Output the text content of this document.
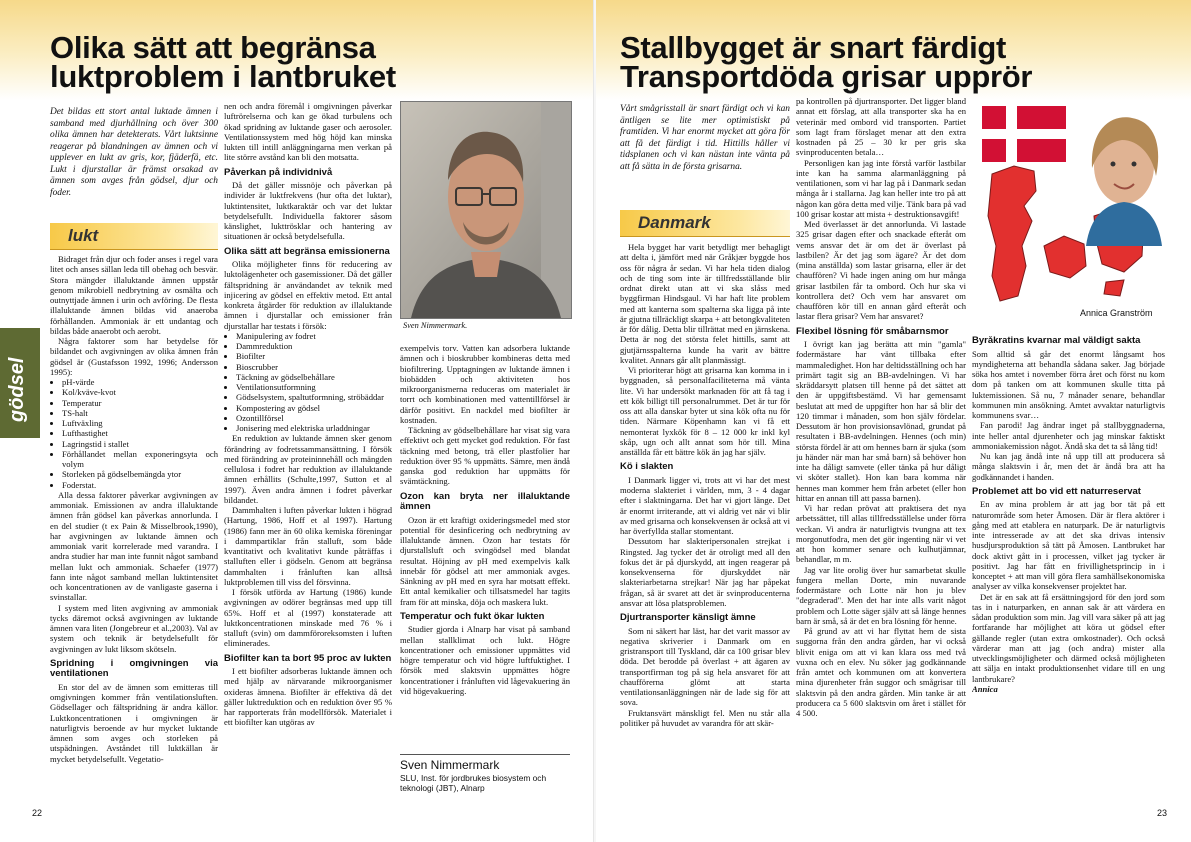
Olika sätt att begränsa
luktproblem i lantbruket
Det bildas ett stort antal luktade ämnen i samband med djurhållning och över 300 olika ämnen har detekterats. Vårt luktsinne reagerar på blandningen av ämnen och vi upplever en lukt av gris, kor, fjäderfä, etc. Lukt i djurstallar är främst orsakad av ämnen som avges från gödsel, djur och foder.
lukt
gödsel

Bidraget från djur och foder anses i regel vara litet och anses sällan leda till obehag och besvär. Stora mängder illaluktande ämnen uppstår genom mikrobiell nedbrytning av osmälta och outnyttjade ämnen i urin och avföring. De flesta illaluktande ämnen bildas vid anaeroba förhållanden. Ammoniak är ett undantag och bildas både anaerobt och aerobt.

Några faktorer som har betydelse för bildandet och avgivningen av olika ämnen från gödsel är (Gustafsson 1992, 1996; Andersson 1995):

• pH-värde
• Kol/kväve-kvot
• Temperatur
• TS-halt
• Luftväxling
• Lufthastighet
• Lagringstid i stallet
• Förhållandet mellan exponeringsyta och volym
• Storleken på gödselbemängda ytor
• Foderstat.

Alla dessa faktorer påverkar avgivningen av ammoniak. Emissionen av andra illaluktande ämnen från gödsel kan påverkas annorlunda. I en del studier (t ex Pain & Misselbrook,1990), har avgivningen av luktande ämnen och ammoniak varit korrelerade med varandra. I andra studier har man inte funnit något samband mellan lukt och ammoniak. Schaefer (1977) fann inte något samband mellan luktintensitet och koncentrationen av de vanligaste gaserna i svinstallar.

I system med liten avgivning av ammoniak tycks däremot också avgivningen av luktande ämnen vara liten (Jongebreur et al.,2003). Val av system och teknik är betydelsefullt för avgivningen av lukt liksom skötseln.

Spridning i omgivningen via ventilationen

En stor del av de ämnen som emitteras till omgivningen kommer från ventilationsluften. Gödsellager och fältspridning är andra källor. Luktkoncentrationen i omgivningen är naturligtvis beroende av hur mycket luktande ämnen som avges och storleken på utspädningen. Avståndet till luktkällan är mycket betydelsefullt. Vegetatio-

nen och andra föremål i omgivningen påverkar luftrörelserna och kan ge ökad turbulens och ökad spridning av luktande gaser och aerosoler. Ventilationssystem med hög höjd kan minska lukten till intill anläggningarna men verkan på lite större avstånd kan bli den motsatta.

Påverkan på individnivå

Då det gäller missnöje och påverkan på individer är luktfrekvens (hur ofta det luktar), luktintensitet, luktkaraktär och var det luktar betydelsefullt. Individuella faktorer såsom känslighet, lukttrösklar och hantering av situationen är också betydelsefulla.

Olika sätt att begränsa emissionerna

Olika möjligheter finns för reducering av luktolägenheter och gasemissioner. Då det gäller fältspridning är användandet av teknik med injicering av gödsel en effektiv metod. Ett antal konkreta åtgärder för reduktion av illaluktande ämnen i djurstallar och emissioner från djurstallar har testats i försök:

• Manipulering av fodret
• Dammreduktion
• Biofilter
• Bioscrubber
• Täckning av gödselbehållare
• Ventilationsutformning
• Gödselsystem, spaltutformning, ströbäddar
• Kompostering av gödsel
• Ozontillförsel
• Jonisering med elektriska urladdningar

En reduktion av luktande ämnen sker genom förändring av fodretssammansättning. I försök med förändring av proteininnehåll och mängden cellulosa i fodret har reduktion av illaluktande ämnen erhållits (Schulte,1997, Sutton et al 1997). Även andra ämnen i fodret påverkar bildandet.

Dammhalten i luften påverkar lukten i högrad (Hartung, 1986, Hoff et al 1997). Hartung (1986) fann mer än 60 olika kemiska föreningar i dammpartiklar från stalluft, som både kvantitativt och kvalitativt kunde påträffas i stalluften eller i gödseln. Genom att begränsa dammhalten i frånluften kan alltså luktproblemen till viss del försvinna.

I försök utförda av Hartung (1986) kunde avgivningen av odörer begränsas med upp till 65%. Hoff et al (1997) konstaterade att luktkoncentrationen minskade med 76 % i stalluft (svin) om dammföroreksomsten i luften eliminerades.

Biofilter kan ta bort 95 proc av lukten

I ett biofilter adsorberas luktande ämnen och med hjälp av närvarande mikroorganismer oxideras ämnena. Biofilter är effektiva då det gäller luktreduktion och en reduktion över 95 % har rapporterats från modellförsök. Materialet i ett biofilter kan utgöras av

Sven Nimmermark.

exempelvis torv. Vatten kan adsorbera luktande ämnen och i bioskrubber kombineras detta med biofiltrering. Upptagningen av luktande ämnen i biobädden och aktiviteten hos mikroorganismerna reduceras om materialet är torrt och kombinationen med vattentillförsel är därför positivt. En nackdel med biofilter är kostnaden.

Täckning av gödselbehållare har visat sig vara effektivt och gett mycket god reduktion. För fast täckning med betong, trä eller plastfolier har reduktion över 95 % uppmätts. Sämre, men ändå ganska god reduktion har uppmätts för svämtäckning.

Ozon kan bryta ner illaluktande ämnen

Ozon är ett kraftigt oxideringsmedel med stor potential för desinficering och nedbrytning av illaluktande ämnen. Ozon har testats för djurstallsluft och svingödsel med blandat resultat. Höjning av pH med exempelvis kalk innebär för gödsel att mer ammoniak avges. Sänkning av pH med en syra har motsatt effekt. Ett antal kemikalier och tillsatsmedel har tagits fram för att minska, döja och maskera lukt.

Temperatur och fukt ökar lukten

Studier gjorda i Alnarp har visat på samband mellan stallklimat och lukt. Högre koncentrationer och emissioner uppmättes vid högre temperatur och vid högre luftfuktighet. I försök med slaktsvin uppmättes högre koncentrationer i frånluften vid lågevakuering än vid högevakuering.

Sven Nimmermark
SLU, Inst. för jordbrukes biosystem och teknologi (JBT), Alnarp
22
Stallbygget är snart färdigt
Transportdöda grisar upprör
Vårt smågrisstall är snart färdigt och vi kan äntligen se lite mer optimistiskt på framtiden. Vi har enormt mycket att göra för att få det färdigt i tid. Hittills håller vi tidsplanen och vi kan nästan inte vänta på att få sätta in de första grisarna.
Danmark

Hela bygget har varit betydligt mer behagligt att delta i, jämfört med när Gråkjær byggde hos oss för några år sedan. Vi har hela tiden dialog och de ting som inte är tillfredsställande blir ordnat direkt utan att vi ska slåss med byggfirman Hindsgaul. Vi har haft lite problem med att kanterna som spalterna ska ligga på inte är gjutna tillräckligt skarpa + att betongkvaliteten är för dålig. Detta blir tillrättat med en järnskena. Detta är nog det största felet hittills, samt att gjutjärnsspalterna kunde ha varit av bättre kvalitet. Annars går allt planmässigt.

Vi prioriterar högt att grisarna kan komma in i byggnaden, så personalfaciliteterna må vänta lite. Vi har undersökt marknaden för att få tag i ett kök billigt till personalrummet. Det är tur för oss att alla danskar byter ut sina kök ofta nu för tiden. Närmare Köpenhamn kan vi få ett nemonterat lyxkök för 8 – 12 000 kr inkl kyl skåp, ugn och allt annat som hör till. Mina anställda får ett bättre kök än jag har själv.

Kö i slakten

I Danmark ligger vi, trots att vi har det mest moderna slakteriet i världen, mm, 3 - 4 dagar efter i slaktningarna. Det har vi gjort länge. Det är enormt irriterande, att vi aldrig vet när vi blir av med grisarna och konsekvensen är också att vi har överfyllda stallar stomentant.

Dessutom har slakteripersonalen strejkat i Ringsted. Jag tycker det är otroligt med all den fokus det är på djurskydd, att ingen reagerar på konsekvenserna för djurskyddet när slakteriarbetarna strejkar! När jag har påpekat frågan, så är svaret att det är svinproducenterna ansvar att lösa platsproblemen.

Djurtransporter känsligt ämne

Som ni säkert har läst, har det varit massor av negativa skriverier i Danmark om en gristransport till Tyskland, där ca 100 grisar blev döda. Det berodde på överlast + att ägaren av transportfirman tog på sig hela ansvaret för att chaufförerna glömt att starta ventilationsanläggningen när de lade sig för att sova.

Fruktansvärt mänskligt fel. Men nu står alla politiker på huvudet av varandra för att skär-

pa kontrollen på djurtransporter. Det ligger bland annat ett förslag, att alla transporter ska ha en veterinär med ombord vid transporten. Partiet som lagt fram förslaget menar att den extra kostnaden på 25 – 30 kr per gris ska svinproducenten betala…

Personligen kan jag inte förstå varför lastbilar inte kan ha samma alarmanläggning på ventilationen, som vi har lag på i Danmark sedan många år i stallarna. Jag kan heller inte tro på att någon kan göra detta med vilje. Tänk bara på vad 100 grisar kostar att mista + destruktionsavgift!

Med överlasset är det annorlunda. Vi lastade 325 grisar dagen efter och snackade efteråt om vems ansvar det är om det är överlast på lastbilen? Är det jag som ägare? Är det dom (mina anställda) som lastar grisarna, eller är det chauffören? Vi hade ingen aning om hur många grisar lastbilen får ta ombord. Och hur ska vi kontrollera det? Och vem har ansvaret om chauffören kör till en annan gård efteråt och lastar flera grisar? Vem har ansvaret?

Flexibel lösning för småbarnsmor

I övrigt kan jag berätta att min "gamla" fodermästare har vänt tillbaka efter mammaledighet. Hon har deltidsställning och har primärt tagit sig an BB-avdelningen. Vi har skräddarsytt platsen till henne på det sättet att den är uppgiftsbestämd. Vi har gemensamt beslutat att med de uppgifter hon har så blir det 120 timmar i månaden, som hon själv fördelar. Dessutom är hon provisionsavlönad, grundat på resultaten i BB-avdelningen. Hennes (och min) största fördel är att om hennes barn är sjuka (som ju händer när man har små barn) så behöver hon inte ha dåligt samvete (eller tänka på hur dåligt vi sköter stallet). Hon kan bara komma när hennes man kommer hem från arbetet (eller hon hittar en annan till att passa barnen).

Vi har redan prövat att praktisera det nya arbetssättet, till allas tillfredsställelse under förra veckan. Vi andra är naturligtvis tvungna att tex morgonutfodra, men det gör ingenting när vi vet att hon kommer senare och kulhutjämnar, behandlar, m m.

Jag var lite orolig över hur samarbetat skulle fungera mellan Dorte, min nuvarande fodermästare och Lotte när hon ju blev "degraderad". Men det har inte alls varit något problem och Lotte säger själv att så länge hennes barn är små, så är det en bra lösning för henne.

På grund av att vi har flyttat hem de sista suggorna från den andra gården, har vi också blivit eniga om att vi kan klara oss med två vuxna och en elev. Nu söker jag godkännande från amtet och kommunen om att konvertera mina djurenheter från suggor och smågrisar till slaktsvin på den andra gården. Min tanke är att producera ca 5 600 slaktsvin om året i stället för 4 500.

Annica Granström
Byråkratins kvarnar mal väldigt sakta

Som alltid så går det enormt långsamt hos myndigheterna att behandla sådana saker. Jag började söka hos amtet i november förra året och först nu kom dom på tanken om att kommunen skulle titta på luktemissionen. Så nu, 7 månader senare, behandlar kommunen min ansökning. Amtet avvaktar naturligtvis kommunens svar…

Fan parodi! Jag ändrar inget på stallbyggnaderna, inte heller antal djurenheter och jag minskar faktiskt ammoniakemission något. Ändå ska det ta så lång tid!

Nu kan jag ändå inte nå upp till att producera så många slaktsvin i år, men det är ändå bra att ha godkännandet i handen.

Problemet att bo vid ett naturreservat

En av mina problem är att jag bor tät på ett naturområde som heter Åmosen. Där är flera aktörer i gång med att etablera en naturpark. De är naturligtvis inte intresserade av att det ska drivas intensiv husdjursproduktion så tätt på Åmosen. Lantbruket har dock aktivt gått in i processen, vilket jag tycker är positivt. Jag har fått en frivillighetsprincip in i konceptet + att man vill göra flera samhällsekonomiska analyser av vilka konsekvenser projektet har.

Det är en sak att få ersättningsjord för den jord som tas in i naturparken, en annan sak är att värdera en sådan produktion som min. Jag vill vara säker på att jag fortfarande har möjlighet att köra ut gödsel efter gällande regler (utan extra omkostnader). Och också värderar man att jag (och andra) mister alla utvecklingsmöjligheter och därmed också möjligheten att sälja en intakt produktionsenhet vidare till en ung lantbrukare?

Annica

23
